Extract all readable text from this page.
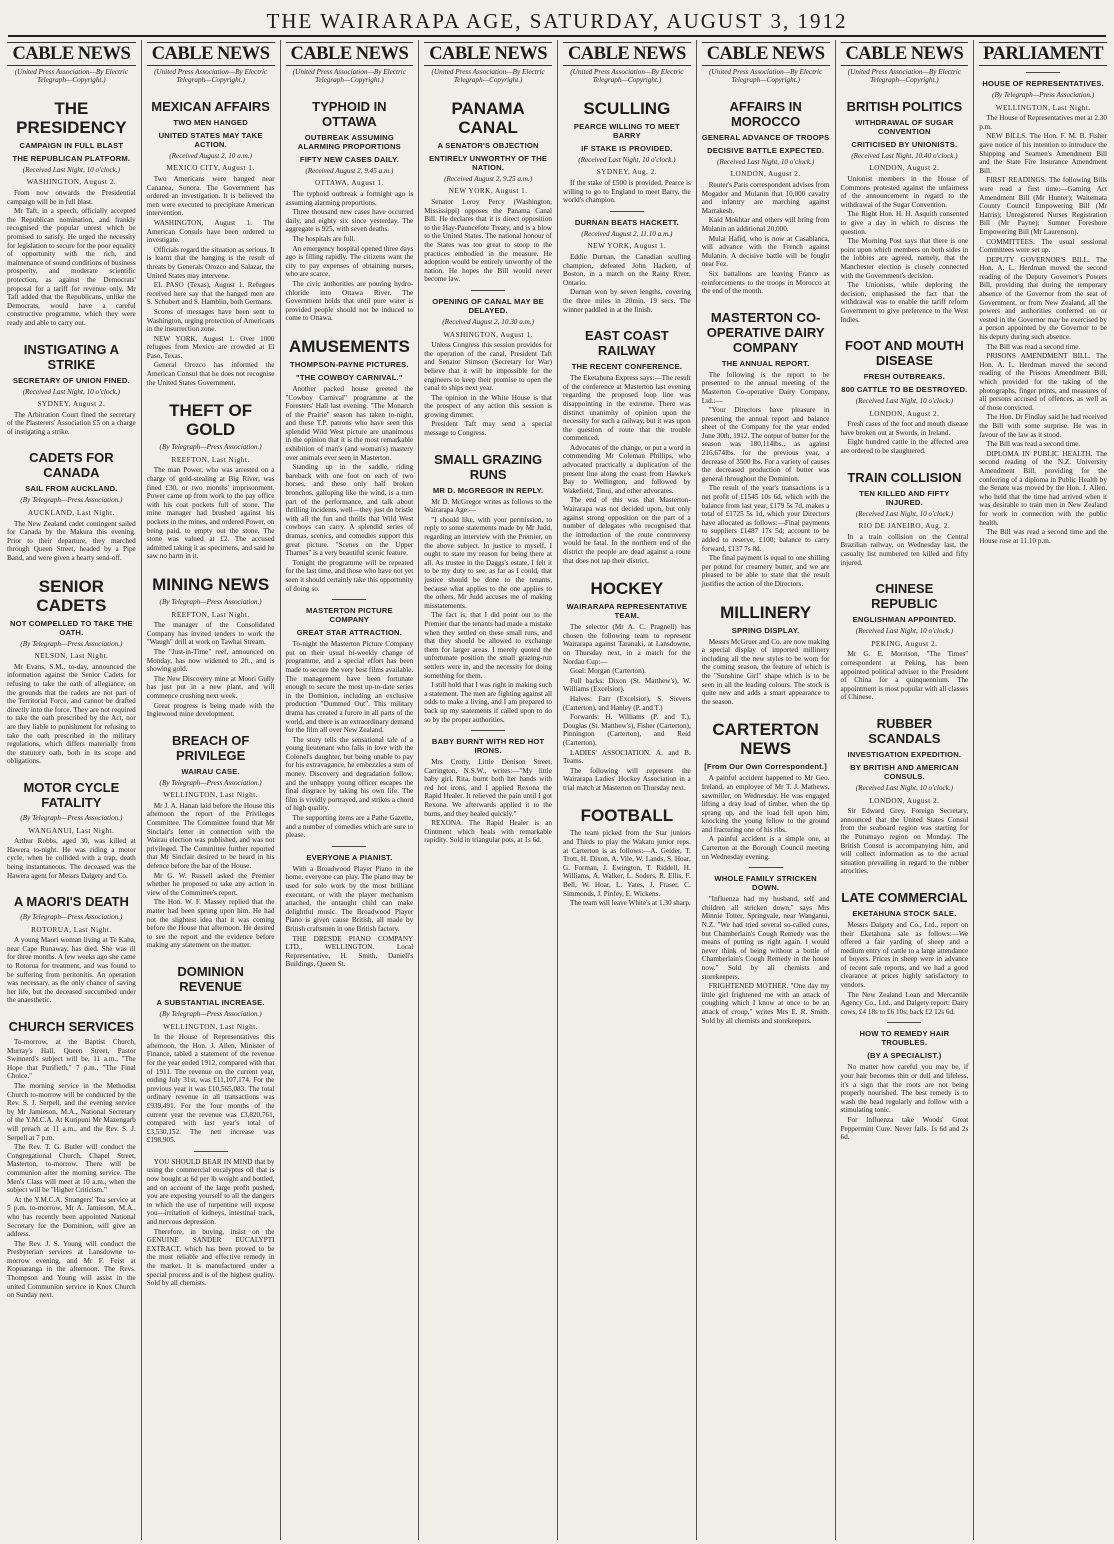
THE WAIRARAPA AGE, SATURDAY, AUGUST 3, 1912
CABLE NEWS
(United Press Association—By Electric Telegraph—Copyright.)
THE PRESIDENCY
CAMPAIGN IN FULL BLAST
THE REPUBLICAN PLATFORM.
(Received Last Night, 10 o'clock.)
WASHINGTON, August 2.

From now onwards the Presidential campaign will be in full blast.

Mr Taft, in a speech, officially accepted the Republican nomination, and frankly recognised the popular unrest which he promised to satisfy. He urged the necessity for legislation to secure for the poor equality of opportunity with the rich, and maintenance of sound conditions of business prosperity, and moderate scientific protection, as against the Democrats' proposal for a tariff for revenue only. Mr Taft added that the Republicans, unlike the Democrats, would have a careful constructive programme, which they were ready and able to carry out.

INSTIGATING A STRIKE
SECRETARY OF UNION FINED.
(Received Last Night, 10 o'clock.)
SYDNEY, August 2.

The Arbitration Court fined the secretary of the Plasterers' Association £5 on a charge of instigating a strike.

CADETS FOR CANADA
SAIL FROM AUCKLAND.
(By Telegraph—Press Association.)
AUCKLAND, Last Night.

The New Zealand cadet contingent sailed for Canada by the Makura this evening. Prior to their departure, they marched through Queen Street, headed by a Pipe Band, and were given a hearty send-off.

SENIOR CADETS
NOT COMPELLED TO TAKE THE OATH.
(By Telegraph—Press Association.)
NELSON, Last Night.

Mr Evans, S.M., to-day, announced the information against the Senior Cadets for refusing to take the oath of allegiance, on the grounds that the cadets are not part of the Territorial Force, and cannot be drafted directly into the force. They are not required to take the oath prescribed by the Act, nor are they liable to punishment for refusing to take the oath prescribed in the military regulations, which differs materially from the statutory oath, both in its scope and obligations.

MOTOR CYCLE FATALITY
(By Telegraph—Press Association.)
WANGANUI, Last Night.

Arthur Robbs, aged 30, was killed at Hawera to-night. He was riding a motor cycle, when he collided with a trap, death being instantaneous. The deceased was the Hawera agent for Messrs Dalgety and Co.

A MAORI'S DEATH
(By Telegraph—Press Association.)
ROTORUA, Last Night.

A young Maori woman living at Te Kaha, near Cape Runaway, has died. She was ill for three months. A few weeks ago she came to Rotorua for treatment, and was found to be suffering from peritonitis. An operation was necessary, as the only chance of saving her life, but the deceased succumbed under the anaesthetic.

CHURCH SERVICES

To-morrow, at the Baptist Church, Murray's Hall, Queen Street, Pastor Swinnerd's subject will be, 11 a.m., "The Hope that Purifieth," 7 p.m., "The Final Choice."

The morning service in the Methodist Church to-morrow will be conducted by the Rev. S. J. Serpell, and the evening service by Mr Jamieson, M.A., National Secretary of the Y.M.C.A. At Kuripuni Mr Mazengarb will preach at 11 a.m., and the Rev. S. J. Serpell at 7 p.m.

The Rev. T. G. Butler will conduct the Congregational Church, Chapel Street, Masterton, to-morrow. There will be communion after the morning service. The Men's Class will meet at 10 a.m., when the subject will be "Higher Criticism."

At the Y.M.C.A. Strangers' Tea service at 5 p.m. to-morrow, Mr A. Jamieson, M.A., who has recently been appointed National Secretary for the Dominion, will give an address.

The Rev. J. S. Young will conduct the Presbyterian services at Lansdowne to-morrow evening, and Mr F. Feist at Kopuaranga in the afternoon. The Revs. Thompson and Young will assist in the united Communion service in Knox Church on Sunday next.

CABLE NEWS
(United Press Association—By Electric Telegraph—Copyright.)
MEXICAN AFFAIRS
TWO MEN HANGED
UNITED STATES MAY TAKE ACTION.
(Received August 2, 10 a.m.)
MEXICO CITY, August 1.

Two Americans were hanged near Cananea, Sonora. The Government has ordered an investigation. It is believed the men were executed to precipitate American intervention.

WASHINGTON, August 1. The American Consuls have been ordered to investigate.

Officials regard the situation as serious. It is learnt that the hanging is the result of threats by Generals Orozco and Salazar, the United States may intervene.

EL PASO (Texas), August 1. Refugees received here say that the hanged men are S. Schubert and S. Hamblin, both Germans.

Scores of messages have been sent to Washington, urging protection of Americans in the insurrection zone.

NEW YORK, August 1. Over 1000 refugees from Mexico are crowded at El Paso, Texas.

General Orozco has informed the American Consul that he does not recognise the United States Government.

THEFT OF GOLD
(By Telegraph—Press Association.)
REEFTON, Last Night.

The man Power, who was arrested on a charge of gold-stealing at Big River, was fined £30, or two months' imprisonment. Power came up from work to the pay office with his coat pockets full of stone. The mine manager had brushed against his pockets in the mines, and ordered Power, on being paid, to empty out the stone. The stone was valued at £2. The accused admitted taking it as specimens, and said he saw no harm in it.

MINING NEWS
(By Telegraph—Press Association.)
REEFTON, Last Night.

The manager of the Consolidated Company has invited tenders to work the "Waugh" drill at work on Tawhai Stream.

The "Just-in-Time" reef, announced on Monday, has now widened to 2ft., and is showing gold.

The New Discovery mine at Moori Gully has just put in a new plant, and will commence crushing next week.

Great progress is being made with the Inglewood mine development.

BREACH OF PRIVILEGE
WAIRAU CASE.
(By Telegraph—Press Association.)
WELLINGTON, Last Night.

Mr J. A. Hanan laid before the House this afternoon the report of the Privileges Committee. The Committee found that Mr Sinclair's letter in connection with the Wairau election was published, and was not privileged. The Committee further reported that Mr Sinclair desired to be heard in his defence before the bar of the House.

Mr G. W. Russell asked the Premier whether he proposed to take any action in view of the Committee's report.

The Hon. W. F. Massey replied that the matter had been sprung upon him. He had not the slightest idea that it was coming before the House that afternoon. He desired to see the report and the evidence before making any statement on the matter.

DOMINION REVENUE
A SUBSTANTIAL INCREASE.
(By Telegraph—Press Association.)
WELLINGTON, Last Night.

In the House of Representatives this afternoon, the Hon. J. Allen, Minister of Finance, tabled a statement of the revenue for the year ended 1912, compared with that of 1911. The revenue on the current year, ending July 31st, was £11,107,174. For the previous year it was £10,565,083. The total ordinary revenue in all transactions was £939,491. For the four months of the current year the revenue was £3,820,761, compared with last year's total of £3,530,152. The nett increase was £198,905.

YOU SHOULD BEAR IN MIND that by using the commercial eucalyptus oil that is now bought at 6d per lb weight and bottled, and on account of the large profit pushed, you are exposing yourself to all the dangers to which the use of turpentine will expose you—irritation of kidneys, intestinal track, and nervous depression.

Therefore, in buying, insist on the GENUINE SANDER EUCALYPTI EXTRACT, which has been proved to be the most reliable and effective remedy in the market. It is manufactured under a special process and is of the highest quality. Sold by all chemists.

CABLE NEWS
(United Press Association—By Electric Telegraph—Copyright.)
TYPHOID IN OTTAWA
OUTBREAK ASSUMING ALARMING PROPORTIONS
FIFTY NEW CASES DAILY.
(Received August 2, 9.45 a.m.)
OTTAWA, August 1.

The typhoid outbreak a fortnight ago is assuming alarming proportions.

Three thousand new cases have occurred daily, and eighty six since yesterday. The aggregate is 925, with seven deaths.

The hospitals are full.

An emergency hospital opened three days ago is filling rapidly. The citizens want the city to pay expenses of obtaining nurses, who are scarce.

The civic authorities are pouring hydro-chloride into Ottawa River. The Government holds that until pure water is provided people should not be induced to come to Ottawa.

AMUSEMENTS
THOMPSON-PAYNE PICTURES.
"THE COWBOY CARNIVAL."

Another packed house greeted the "Cowboy Carnival" programme at the Foresters' Hall last evening. "The Monarch of the Prairie" season has taken to-night, and these T.P. patrons who have seen this splendid Wild West picture are unanimous in the opinion that it is the most remarkable exhibition of man's (and woman's) mastery over animals ever seen in Masterton.

Standing up in the saddle, riding bareback with one foot on each of two horses, and these only half broken bronchos, galloping like the wind, is a turn part of the performance, and talk about thrilling incidents, well—they just do bristle with all the fun and thrills that Wild West cowboys can carry. A splendid series of dramas, scenics, and comedies support this great picture. "Scenes on the Upper Thames" is a very beautiful scenic feature.

Tonight the programme will be repeated for the last time, and those who have not yet seen it should certainly take this opportunity of doing so.

MASTERTON PICTURE COMPANY
GREAT STAR ATTRACTION.

To-night the Masterton Picture Company put on their usual bi-weekly change of programme, and a special effort has been made to secure the very best films available. The management have been fortunate enough to secure the most up-to-date series in the Dominion, including an exclusive production "Dummed Out". This military drama has created a furore in all parts of the world, and there is an extraordinary demand for the film all over New Zealand.

The story tells the sensational tale of a young lieutenant who falls in love with the Colonel's daughter, but being unable to pay for his extravagance, he embezzles a sum of money. Discovery and degradation follow, and the unhappy young officer escapes the final disgrace by taking his own life. The film is vividly portrayed, and strikes a chord of high quality.

The supporting items are a Pathe Gazette, and a number of comedies which are sure to please.

EVERYONE A PIANIST.

With a Broadwood Player Piano in the home, everyone can play. The piano may be used for solo work by the most brilliant executant, or with the player mechanism attached, the untaught child can make delightful music. The Broadwood Player Piano is given cause British, all made by British craftsmen in one British factory.

THE DRESDE PIANO COMPANY LTD., WELLINGTON. Local Representative, H. Smith, Daniell's Buildings, Queen St.

CABLE NEWS
(United Press Association—By Electric Telegraph—Copyright.)
PANAMA CANAL
A SENATOR'S OBJECTION
ENTIRELY UNWORTHY OF THE NATION.
(Received August 2, 9.25 a.m.)
NEW YORK, August 1.

Senator Leroy Percy (Washington, Mississippi) opposes the Panama Canal Bill. He declares that it is direct opposition to the Hay-Pauncefote Treaty, and is a blow to the United States. The national honour of the States was too great to stoop to the practices embodied in the measure. He adoption would be entirely unworthy of the nation. He hopes the Bill would never become law.

OPENING OF CANAL MAY BE DELAYED.
(Received August 2, 10.30 a.m.)
WASHINGTON, August 1.

Unless Congress this session provides for the operation of the canal, President Taft and Senator Stimson (Secretary for War) believe that it will be impossible for the engineers to keep their promise to open the canal to ships next year.

The opinion in the White House is that the prospect of any action this session is growing dimmer.

President Taft may send a special message to Congress.

SMALL GRAZING RUNS
MR D. McGREGOR IN REPLY.

Mr D. McGregor writes as follows to the Wairarapa Age:—

"I should like, with your permission, to reply to some statements made by Mr Judd, regarding an interview with the Premier, on the above subject. In justice to myself, I ought to state my reason for being there at all. As trustee in the Daggs's estate, I felt it to be my duty to see, as far as I could, that justice should be done to the tenants, because what applies to the one applies to the others. Mr Judd accuses me of making misstatements.

The fact is, that I did point out to the Premier that the tenants had made a mistake when they settled on these small runs, and that they should be allowed to exchange them for larger areas. I merely quoted the unfortunate position the small grazing-run settlers were in, and the necessity for doing something for them.

I still hold that I was right in making such a statement. The men are fighting against all odds to make a living, and I am prepared to back up my statements if called upon to do so by the proper authorities.

BABY BURNT WITH RED HOT IRONS.

Mrs Crotty, Little Denison Street, Carrington, N.S.W., writes:—"My little baby girl, Rita, burnt both her hands with red hot irons, and I applied Rexona the Rapid Healer. It relieved the pain until I got Rexona. We afterwards applied it to the burns, and they healed quickly."

REXONA. The Rapid Healer is an Ointment which heals with remarkable rapidity. Sold in triangular pots, at 1s 6d.

CABLE NEWS
(United Press Association—By Electric Telegraph—Copyright.)
SCULLING
PEARCE WILLING TO MEET BARRY
IF STAKE IS PROVIDED.
(Received Last Night, 10 o'clock.)
SYDNEY, Aug. 2.

If the stake of £500 is provided, Pearce is willing to go to England to meet Barry, the world's champion.

DURNAN BEATS HACKETT.
(Received August 2, 11.10 a.m.)
NEW YORK, August 1.

Eddie Durnan, the Canadian sculling champion, defeated John Hackett, of Boston, in a match on the Rainy River, Ontario.

Durnan won by seven lengths, covering the three miles in 20min. 19 secs. The winner paddled in at the finish.

EAST COAST RAILWAY
THE RECENT CONFERENCE.

The Eketahuna Express says:—The result of the conference at Masterton last evening regarding the proposed loop line was disappointing in the extreme. There was distinct unanimity of opinion upon the necessity for such a railway, but it was upon the question of route that the trouble commenced.

Advocates of the change, or put a word in commending Mr Coleman Phillips, who advocated practically a duplication of the present line along the coast from Hawke's Bay to Wellington, and followed by Wakefield, Tinui, and other advocates.

The end of this was that Masterton-Wairarapa was not decided upon, but only against strong opposition on the part of a number of delegates who recognised that the introduction of the route controversy would be fatal. In the northern end of the district the people are dead against a route that does not tap their district.

HOCKEY
WAIRARAPA REPRESENTATIVE TEAM.

The selector (Mr A. C. Pragnell) has chosen the following team to represent Wairarapa against Taranaki, at Lansdowne, on Thursday next, in a match for the Nordau Cup:—

Goal: Morgan (Carterton).

Full backs: Dixon (St. Matthew's), W. Williams (Excelsior).

Halves: Farr (Excelsior), S. Sievers (Carterton), and Hanley (P. and T.)

Forwards: H. Williams (P. and T.), Douglas (St. Matthew's), Fisher (Carterton), Pinnington (Carterton), and Reid (Carterton).

LADIES' ASSOCIATION. A. and B. Teams.

The following will represent the Wairarapa Ladies' Hockey Association in a trial match at Masterton on Thursday next.

FOOTBALL

The team picked from the Star juniors and Thirds to play the Wakatu junior reps. at Carterton is as follows:—A. Geider, T. Trott, H. Dixon, A. Vile, W. Lands, S. Hoar, G. Forman, J. Ewington, T. Riddell, H. Williams, A. Walker, L. Soders, R. Ellis, F. Bell, W. Hoar, L. Yates, J. Fraser, C. Simmonds, J. Pinfey, E. Wickens.

The team will leave White's at 1.30 sharp.

CABLE NEWS
(United Press Association—By Electric Telegraph—Copyright.)
AFFAIRS IN MOROCCO
GENERAL ADVANCE OF TROOPS
DECISIVE BATTLE EXPECTED.
(Received Last Night, 10 o'clock.)
LONDON, August 2.

Reuter's Paris correspondent advises from Mogador and Mulanin that 10,000 cavalry and infantry are marching against Marrakesh.

Kaid Mokhtar and others will bring from Mulanin an additional 20,000.

Mulai Hafid, who is now at Casablanca, will advance with the French against Mulanin. A decisive battle will be fought near Fez.

Six battalions are leaving France as reinforcements to the troops in Morocco at the end of the month.

MASTERTON CO-OPERATIVE DAIRY COMPANY
THE ANNUAL REPORT.

The following is the report to be presented to the annual meeting of the Masterton Co-operative Dairy Company, Ltd.:—

"Your Directors have pleasure in presenting the annual report and balance sheet of the Company for the year ended June 30th, 1912. The output of butter for the season was 180,114lbs., as against 216,674lbs. for the previous year, a decrease of 3500 lbs. For a variety of causes the decreased production of butter was general throughout the Dominion.

The result of the year's transactions is a net profit of £1545 10s 6d, which with the balance from last year, £179 5s 7d, makes a total of £1725 5s 1d, which your Directors have allocated as follows:—Final payments to suppliers £1487 17s 5d; account to be added to reserve, £100; balance to carry forward, £137 7s 8d.

The final payment is equal to one shilling per pound for creamery butter, and we are pleased to be able to state that the result justifies the action of the Directors.

MILLINERY
SPRING DISPLAY.

Messrs McGruer and Co. are now making a special display of imported millinery including all the new styles to be worn for the coming season, the feature of which is the "Sunshine Girl" shape which is to be seen in all the leading colours. The stock is quite new and adds a smart appearance to the season.

CARTERTON NEWS
[From Our Own Correspondent.]

A painful accident happened to Mr Geo. Ireland, an employee of Mr T. J. Mathews, sawmiller, on Wednesday. He was engaged lifting a dray load of timber, when the tip sprang up, and the load fell upon him, knocking the young fellow to the ground and fracturing one of his ribs.

A painful accident is a simple one, at Carterton at the Borough Council meeting on Wednesday evening.

WHOLE FAMILY STRICKEN DOWN.

"Influenza had my husband, self and children all stricken down," says Mrs Minnie Totter, Springvale, near Wanganui, N.Z. "We had tried several so-called cures, but Chamberlain's Cough Remedy was the means of putting us right again. I would never think of being without a bottle of Chamberlain's Cough Remedy in the house now." Sold by all chemists and storekeepers.

FRIGHTENED MOTHER. "One day my little girl frightened me with an attack of coughing which I know at once to be an attack of croup," writes Mrs E. R. Smith. Sold by all chemists and storekeepers.

CABLE NEWS
(United Press Association—By Electric Telegraph—Copyright.)
BRITISH POLITICS
WITHDRAWAL OF SUGAR CONVENTION
CRITICISED BY UNIONISTS.
(Received Last Night, 10.40 o'clock.)
LONDON, August 2.

Unionist members in the House of Commons protested against the unfairness of the announcement in regard to the withdrawal of the Sugar Convention.

The Right Hon. H. H. Asquith consented to give a day in which to discuss the question.

The Morning Post says that there is one point upon which members on both sides in the lobbies are agreed, namely, that the Manchester election is closely connected with the Government's decision.

The Unionists, while deploring the decision, emphasised the fact that the withdrawal was to enable the tariff reform Government to give preference to the West Indies.

FOOT AND MOUTH DISEASE
FRESH OUTBREAKS.
800 CATTLE TO BE DESTROYED.
(Received Last Night, 10 o'clock.)
LONDON, August 2.

Fresh cases of the foot and mouth disease have broken out at Swords, in Ireland.

Eight hundred cattle in the affected area are ordered to be slaughtered.

TRAIN COLLISION
TEN KILLED AND FIFTY INJURED.
(Received Last Night, 10 o'clock.)
RIO DE JANEIRO, Aug. 2.

In a train collision on the Central Brazilian railway, on Wednesday last, the casualty list numbered ten killed and fifty injured.

CHINESE REPUBLIC
ENGLISHMAN APPOINTED.
(Received Last Night, 10 o'clock.)
PEKING, August 2.

Mr G. E. Morrison, "The Times" correspondent at Peking, has been appointed political adviser to the President of China for a quinquennium. The appointment is most popular with all classes of Chinese.

RUBBER SCANDALS
INVESTIGATION EXPEDITION.
BY BRITISH AND AMERICAN CONSULS.
(Received Last Night, 10 o'clock.)
LONDON, August 2.

Sir Edward Grey, Foreign Secretary, announced that the United States Consul from the seaboard region was starting for the Putumayo region on Monday. The British Consul is accompanying him, and will collect information as to the actual situation prevailing in regard to the rubber atrocities.

LATE COMMERCIAL
EKETAHUNA STOCK SALE.

Messrs Dalgety and Co., Ltd., report on their Eketahuna sale as follows:—We offered a fair yarding of sheep and a medium entry of cattle to a large attendance of buyers. Prices in sheep were in advance of recent sale reports, and we had a good clearance at prices highly satisfactory to vendors.

The New Zealand Loan and Mercantile Agency Co., Ltd., and Dalgety report: Dairy cows, £4 18s to £6 10s; back £2 12s 6d.

HOW TO REMEDY HAIR TROUBLES.
(BY A SPECIALIST.)

No matter how careful you may be, if your hair becomes thin or dull and lifeless, it's a sign that the roots are not being properly nourished. The best remedy is to wash the head regularly and follow with a stimulating tonic.

For Influenza take Woods' Great Peppermint Cure. Never fails. 1s 6d and 2s 6d.

PARLIAMENT
HOUSE OF REPRESENTATIVES.
(By Telegraph—Press Association.)
WELLINGTON, Last Night.

The House of Representatives met at 2.30 p.m.

NEW BILLS. The Hon. F. M. B. Fisher gave notice of his intention to introduce the Shipping and Seamen's Amendment Bill and the State Fire Insurance Amendment Bill.

FIRST READINGS. The following Bills were read a first time:—Gaming Act Amendment Bill (Mr Hunter); Waitemata County Council Empowering Bill (Mr Harris); Unregistered Nurses Registration Bill (Mr Payne); Sumner Foreshore Empowering Bill (Mr Laurenson).

COMMITTEES. The usual sessional Committees were set up.

DEPUTY GOVERNOR'S BILL. The Hon. A. L. Herdman moved the second reading of the Deputy Governor's Powers Bill, providing that during the temporary absence of the Governor from the seat of Government, or from New Zealand, all the powers and authorities conferred on or vested in the Governor may be exercised by a person appointed by the Governor to be his deputy during such absence.

The Bill was read a second time.

PRISONS AMENDMENT BILL. The Hon. A. L. Herdman moved the second reading of the Prisons Amendment Bill, which provided for the taking of the photographs, finger prints, and measures of all persons accused of offences, as well as of those convicted.

The Hon. Dr Findlay said he had received the Bill with some surprise. He was in favour of the law as it stood.

The Bill was read a second time.

DIPLOMA IN PUBLIC HEALTH. The second reading of the N.Z. University Amendment Bill, providing for the conferring of a diploma in Public Health by the Senate was moved by the Hon. J. Allen, who held that the time had arrived when it was desirable to train men in New Zealand for work in connection with the public health.

The Bill was read a second time and the House rose at 11.10 p.m.
